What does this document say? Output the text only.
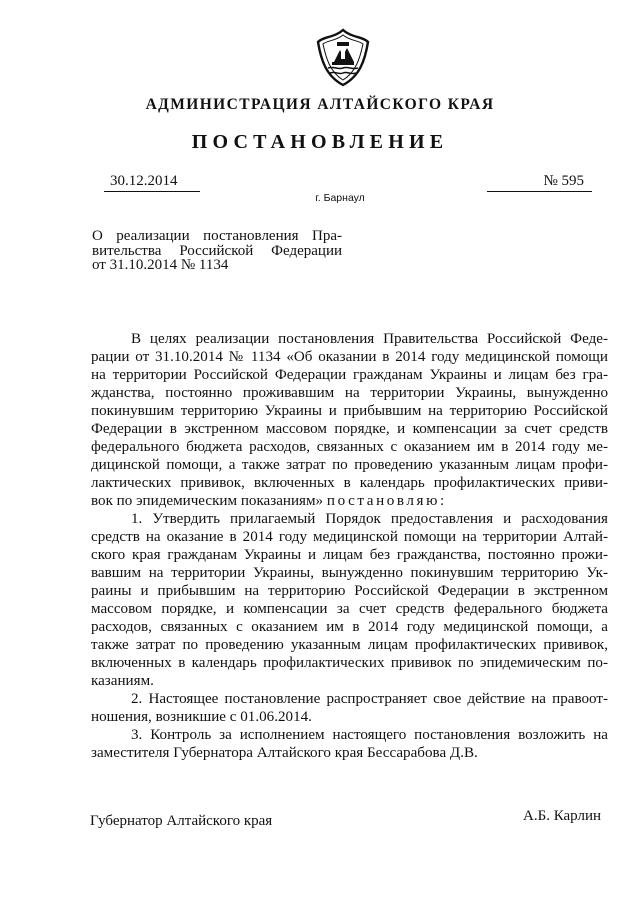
АДМИНИСТРАЦИЯ АЛТАЙСКОГО КРАЯ
ПОСТАНОВЛЕНИЕ
30.12.2014	№ 595
г. Барнаул
О реализации постановления Пра-
вительства Российской Федерации
от 31.10.2014 № 1134
В целях реализации постановления Правительства Российской Феде-
рации от 31.10.2014 № 1134 «Об оказании в 2014 году медицинской помощи
на территории Российской Федерации гражданам Украины и лицам без гра-
жданства, постоянно проживавшим на территории Украины, вынужденно
покинувшим территорию Украины и прибывшим на территорию Российской
Федерации в экстренном массовом порядке, и компенсации за счет средств
федерального бюджета расходов, связанных с оказанием им в 2014 году ме-
дицинской помощи, а также затрат по проведению указанным лицам профи-
лактических прививок, включенных в календарь профилактических приви-
вок по эпидемическим показаниям» постановляю:
1. Утвердить прилагаемый Порядок предоставления и расходования
средств на оказание в 2014 году медицинской помощи на территории Алтай-
ского края гражданам Украины и лицам без гражданства, постоянно прожи-
вавшим на территории Украины, вынужденно покинувшим территорию Ук-
раины и прибывшим на территорию Российской Федерации в экстренном
массовом порядке, и компенсации за счет средств федерального бюджета
расходов, связанных с оказанием им в 2014 году медицинской помощи, а
также затрат по проведению указанным лицам профилактических прививок,
включенных в календарь профилактических прививок по эпидемическим по-
казаниям.
2. Настоящее постановление распространяет свое действие на правоот-
ношения, возникшие с 01.06.2014.
3. Контроль за исполнением настоящего постановления возложить на
заместителя Губернатора Алтайского края Бессарабова Д.В.
Губернатор Алтайского края	А.Б. Карлин
